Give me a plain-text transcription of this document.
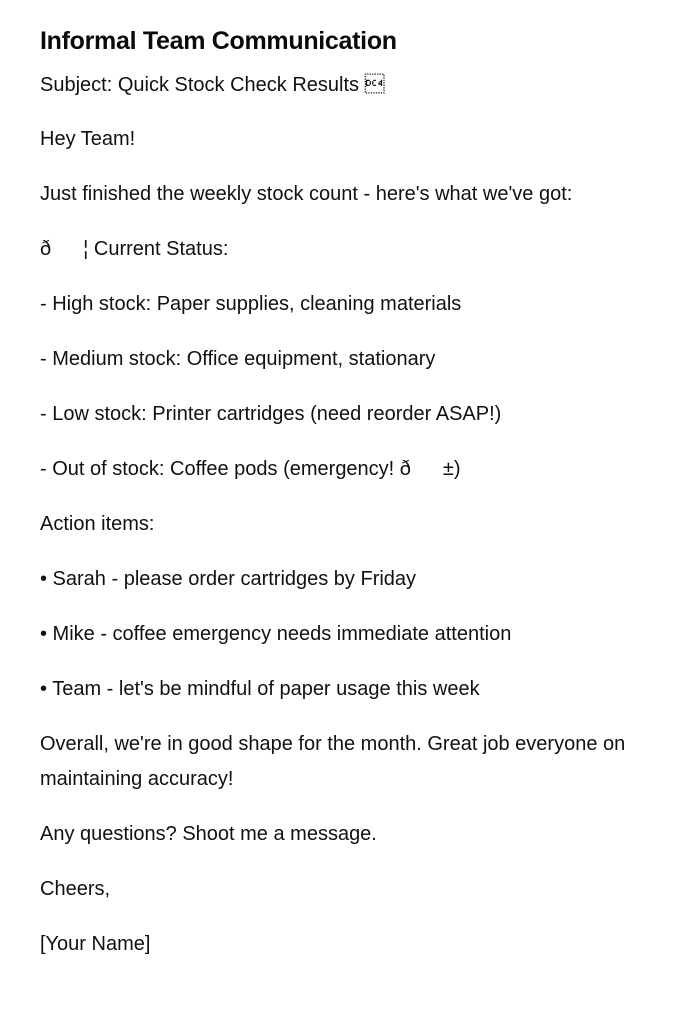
Informal Team Communication

Subject: Quick Stock Check Results 

Hey Team!

Just finished the weekly stock count - here's what we've got:

ð¦ Current Status:

- High stock: Paper supplies, cleaning materials

- Medium stock: Office equipment, stationary

- Low stock: Printer cartridges (need reorder ASAP!)

- Out of stock: Coffee pods (emergency! ð±)

Action items:

• Sarah - please order cartridges by Friday

• Mike - coffee emergency needs immediate attention

• Team - let's be mindful of paper usage this week

Overall, we're in good shape for the month. Great job everyone on maintaining accuracy!

Any questions? Shoot me a message.

Cheers,

[Your Name]
